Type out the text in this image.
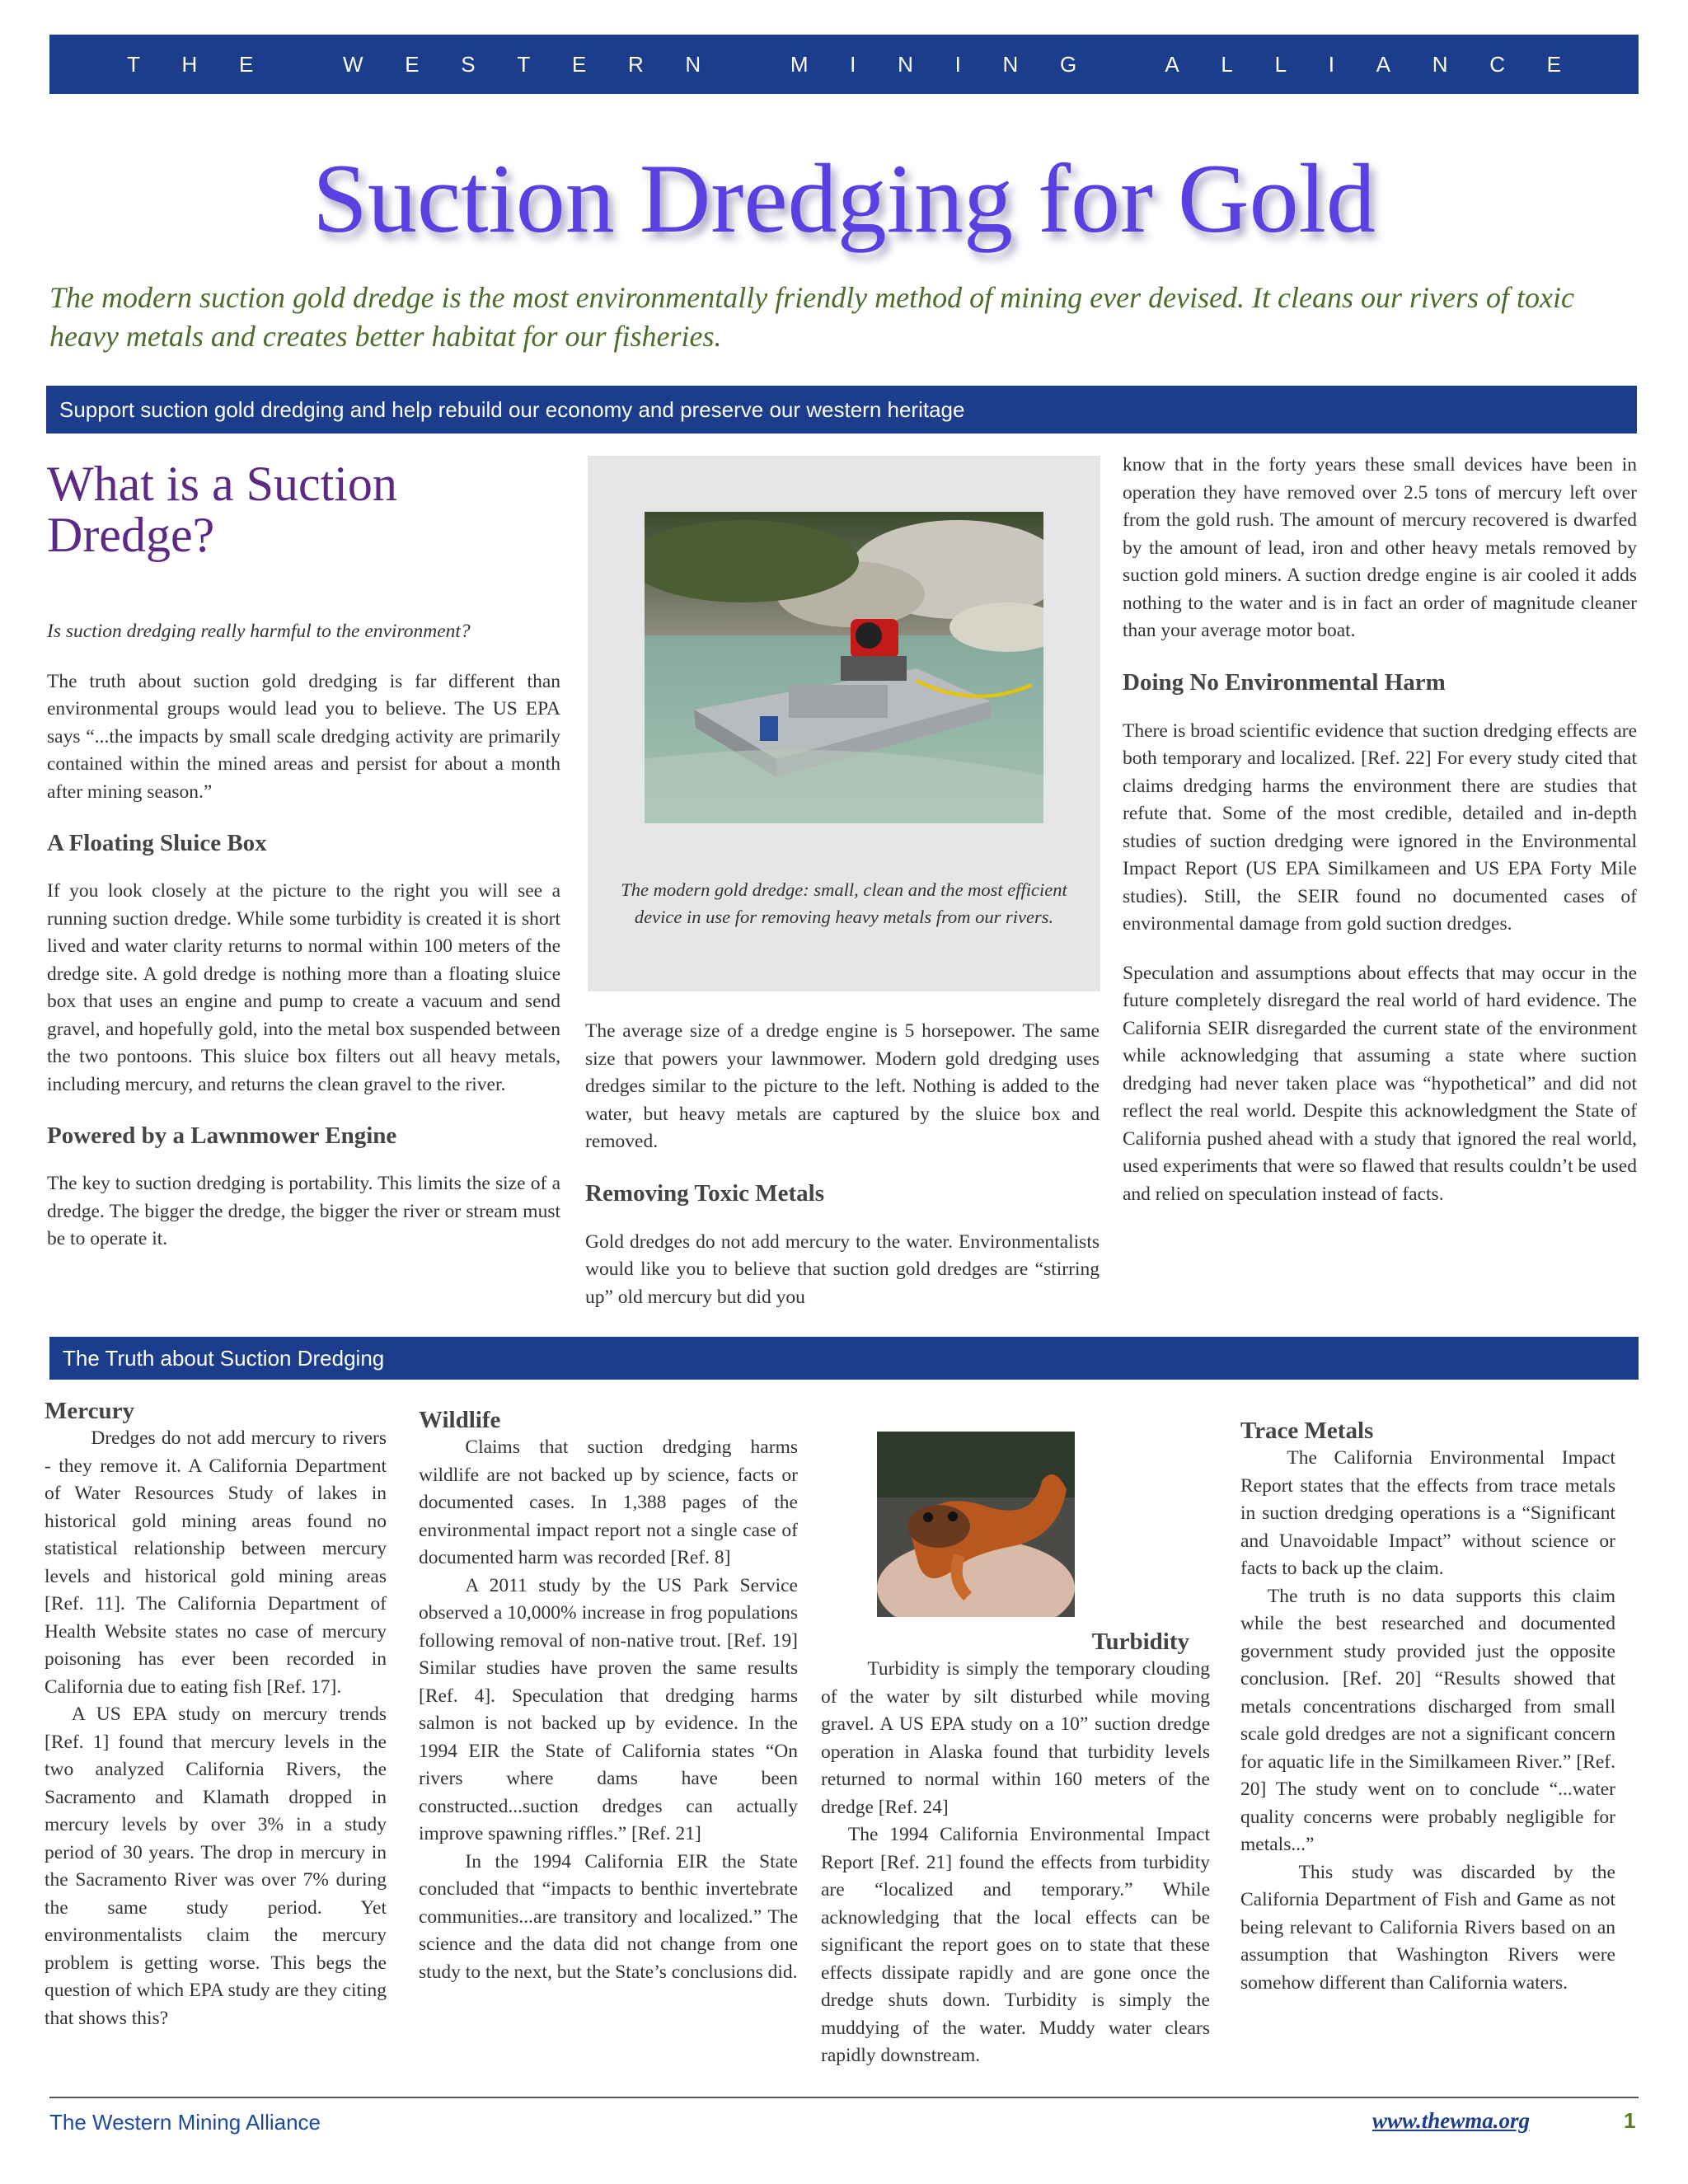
THE WESTERN MINING ALLIANCE
Suction Dredging for Gold
The modern suction gold dredge is the most environmentally friendly method of mining ever devised. It cleans our rivers of toxic heavy metals and creates better habitat for our fisheries.
Support suction gold dredging and help rebuild our economy and preserve our western heritage
What is a Suction Dredge?

Is suction dredging really harmful to the environment?

The truth about suction gold dredging is far different than environmental groups would lead you to believe. The US EPA says “...the impacts by small scale dredging activity are primarily contained within the mined areas and persist for about a month after mining season.”

A Floating Sluice Box

If you look closely at the picture to the right you will see a running suction dredge. While some turbidity is created it is short lived and water clarity returns to normal within 100 meters of the dredge site. A gold dredge is nothing more than a floating sluice box that uses an engine and pump to create a vacuum and send gravel, and hopefully gold, into the metal box suspended between the two pontoons. This sluice box filters out all heavy metals, including mercury, and returns the clean gravel to the river.

Powered by a Lawnmower Engine

The key to suction dredging is portability. This limits the size of a dredge. The bigger the dredge, the bigger the river or stream must be to operate it.

The modern gold dredge: small, clean and the most efficient device in use for removing heavy metals from our rivers.

The average size of a dredge engine is 5 horsepower. The same size that powers your lawnmower. Modern gold dredging uses dredges similar to the picture to the left. Nothing is added to the water, but heavy metals are captured by the sluice box and removed.

Removing Toxic Metals

Gold dredges do not add mercury to the water. Environmentalists would like you to believe that suction gold dredges are “stirring up” old mercury but did you

know that in the forty years these small devices have been in operation they have removed over 2.5 tons of mercury left over from the gold rush. The amount of mercury recovered is dwarfed by the amount of lead, iron and other heavy metals removed by suction gold miners. A suction dredge engine is air cooled it adds nothing to the water and is in fact an order of magnitude cleaner than your average motor boat.

Doing No Environmental Harm

There is broad scientific evidence that suction dredging effects are both temporary and localized. [Ref. 22] For every study cited that claims dredging harms the environment there are studies that refute that. Some of the most credible, detailed and in-depth studies of suction dredging were ignored in the Environmental Impact Report (US EPA Similkameen and US EPA Forty Mile studies). Still, the SEIR found no documented cases of environmental damage from gold suction dredges.

Speculation and assumptions about effects that may occur in the future completely disregard the real world of hard evidence. The California SEIR disregarded the current state of the environment while acknowledging that assuming a state where suction dredging had never taken place was “hypothetical” and did not reflect the real world. Despite this acknowledgment the State of California pushed ahead with a study that ignored the real world, used experiments that were so flawed that results couldn’t be used and relied on speculation instead of facts.

The Truth about Suction Dredging
Mercury

Dredges do not add mercury to rivers - they remove it. A California Department of Water Resources Study of lakes in historical gold mining areas found no statistical relationship between mercury levels and historical gold mining areas [Ref. 11]. The California Department of Health Website states no case of mercury poisoning has ever been recorded in California due to eating fish [Ref. 17].

A US EPA study on mercury trends [Ref. 1] found that mercury levels in the two analyzed California Rivers, the Sacramento and Klamath dropped in mercury levels by over 3% in a study period of 30 years. The drop in mercury in the Sacramento River was over 7% during the same study period. Yet environmentalists claim the mercury problem is getting worse. This begs the question of which EPA study are they citing that shows this?

Wildlife

Claims that suction dredging harms wildlife are not backed up by science, facts or documented cases. In 1,388 pages of the environmental impact report not a single case of documented harm was recorded [Ref. 8]

A 2011 study by the US Park Service observed a 10,000% increase in frog populations following removal of non-native trout. [Ref. 19] Similar studies have proven the same results [Ref. 4]. Speculation that dredging harms salmon is not backed up by evidence. In the 1994 EIR the State of California states “On rivers where dams have been constructed...suction dredges can actually improve spawning riffles.” [Ref. 21]

In the 1994 California EIR the State concluded that “impacts to benthic invertebrate communities...are transitory and localized.” The science and the data did not change from one study to the next, but the State’s conclusions did.

Turbidity

Turbidity is simply the temporary clouding of the water by silt disturbed while moving gravel. A US EPA study on a 10” suction dredge operation in Alaska found that turbidity levels returned to normal within 160 meters of the dredge [Ref. 24]

The 1994 California Environmental Impact Report [Ref. 21] found the effects from turbidity are “localized and temporary.” While acknowledging that the local effects can be significant the report goes on to state that these effects dissipate rapidly and are gone once the dredge shuts down. Turbidity is simply the muddying of the water. Muddy water clears rapidly downstream.

Trace Metals

The California Environmental Impact Report states that the effects from trace metals in suction dredging operations is a “Significant and Unavoidable Impact” without science or facts to back up the claim.

The truth is no data supports this claim while the best researched and documented government study provided just the opposite conclusion. [Ref. 20] “Results showed that metals concentrations discharged from small scale gold dredges are not a significant concern for aquatic life in the Similkameen River.” [Ref. 20] The study went on to conclude “...water quality concerns were probably negligible for metals...”

This study was discarded by the California Department of Fish and Game as not being relevant to California Rivers based on an assumption that Washington Rivers were somehow different than California waters.

The Western Mining Alliance	www.thewma.org	1
